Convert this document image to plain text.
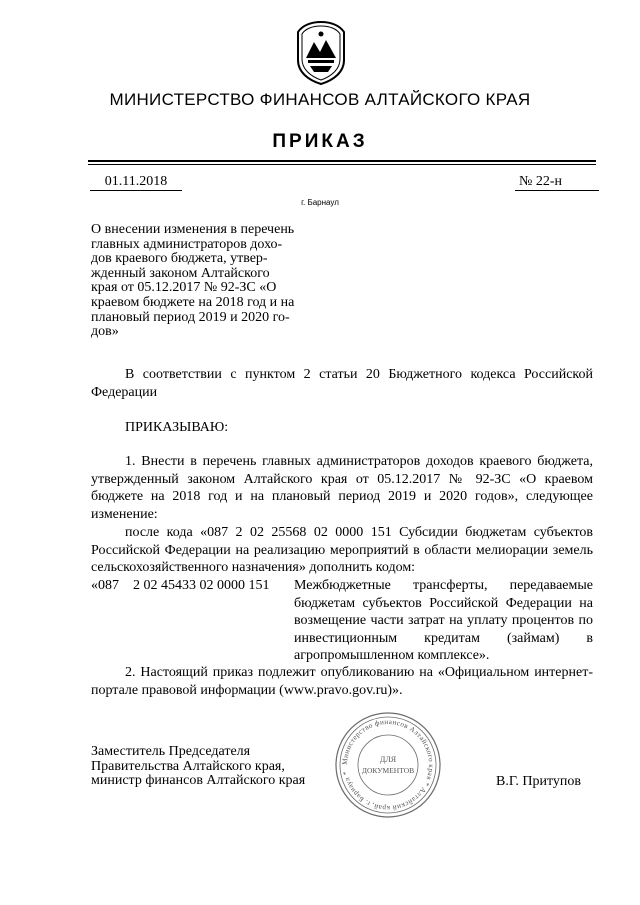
МИНИСТЕРСТВО ФИНАНСОВ АЛТАЙСКОГО КРАЯ
ПРИКАЗ
01.11.2018	№ 22-н
г. Барнаул
О внесении изменения в перечень
главных администраторов дохо-
дов краевого бюджета, утвер-
жденный законом Алтайского
края от 05.12.2017 № 92-ЗС «О
краевом бюджете на 2018 год и на
плановый период 2019 и 2020 го-
дов»
В соответствии с пунктом 2 статьи 20 Бюджетного кодекса Российской Федерации
ПРИКАЗЫВАЮ:
1. Внести в перечень главных администраторов доходов краевого бюджета, утвержденный законом Алтайского края от 05.12.2017 № 92-ЗС «О краевом бюджете на 2018 год и на плановый период 2019 и 2020 годов», следующее изменение:
после кода «087 2 02 25568 02 0000 151 Субсидии бюджетам субъектов Российской Федерации на реализацию мероприятий в области мелиорации земель сельскохозяйственного назначения» дополнить кодом:
«087    2 02 45433 02 0000 151	Межбюджетные трансферты, передаваемые бюджетам субъектов Российской Федерации на возмещение части затрат на уплату процентов по инвестиционным кредитам (займам) в агропромышленном комплексе».
2. Настоящий приказ подлежит опубликованию на «Официальном интернет-портале правовой информации (www.pravo.gov.ru)».
Заместитель Председателя
Правительства Алтайского края,
министр финансов Алтайского края
Министерство финансов Алтайского края * Алтайский край, г. Барнаул *
ДЛЯ
ДОКУМЕНТОВ
В.Г. Притупов
